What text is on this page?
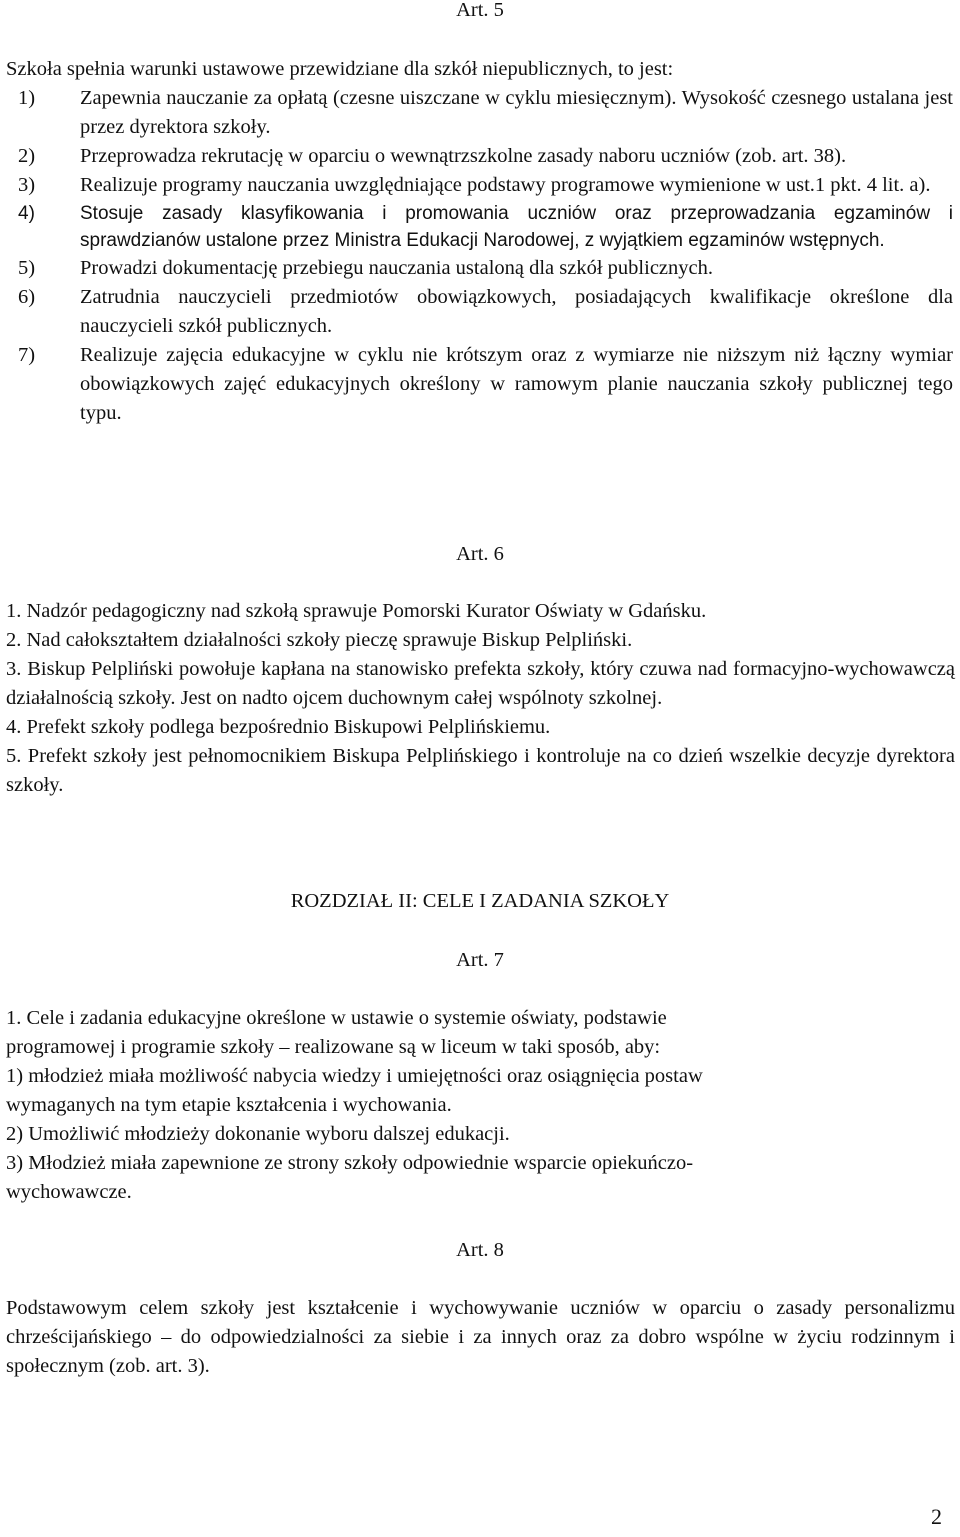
Art. 5

Szkoła spełnia warunki ustawowe przewidziane dla szkół niepublicznych, to jest:

1)	Zapewnia nauczanie za opłatą (czesne uiszczane w cyklu miesięcznym). Wysokość czesnego ustalana jest przez dyrektora szkoły.
2)	Przeprowadza rekrutację w oparciu o wewnątrzszkolne zasady naboru uczniów (zob. art. 38).
3)	Realizuje programy nauczania uwzględniające podstawy programowe wymienione w ust.1 pkt. 4 lit. a).
4)	Stosuje zasady klasyfikowania i promowania uczniów oraz przeprowadzania egzaminów i sprawdzianów ustalone przez Ministra Edukacji Narodowej, z wyjątkiem egzaminów wstępnych.
5)	Prowadzi dokumentację przebiegu nauczania ustaloną dla szkół publicznych.
6)	Zatrudnia nauczycieli przedmiotów obowiązkowych, posiadających kwalifikacje określone dla nauczycieli szkół publicznych.
7)	Realizuje zajęcia edukacyjne w cyklu nie krótszym oraz z wymiarze nie niższym niż łączny wymiar obowiązkowych zajęć edukacyjnych określony w ramowym planie nauczania szkoły publicznej tego typu.
Art. 6

1. Nadzór pedagogiczny nad szkołą sprawuje Pomorski Kurator Oświaty w Gdańsku.

2. Nad całokształtem działalności szkoły pieczę sprawuje Biskup Pelpliński.

3. Biskup Pelpliński powołuje kapłana na stanowisko prefekta szkoły, który czuwa nad formacyjno-wychowawczą działalnością szkoły. Jest on nadto ojcem duchownym całej wspólnoty szkolnej.

4. Prefekt szkoły podlega bezpośrednio Biskupowi Pelplińskiemu.

5. Prefekt szkoły jest pełnomocnikiem Biskupa Pelplińskiego i kontroluje na co dzień wszelkie decyzje dyrektora szkoły.

ROZDZIAŁ II: CELE I ZADANIA SZKOŁY
Art. 7
1. Cele i zadania edukacyjne określone w ustawie o systemie oświaty, podstawie
programowej i programie szkoły – realizowane są w liceum w taki sposób, aby:
1) młodzież miała możliwość nabycia wiedzy i umiejętności oraz osiągnięcia postaw
wymaganych na tym etapie kształcenia i wychowania.
2) Umożliwić młodzieży dokonanie wyboru dalszej edukacji.
3) Młodzież miała zapewnione ze strony szkoły odpowiednie wsparcie opiekuńczo-
wychowawcze.
Art. 8

Podstawowym celem szkoły jest kształcenie i wychowywanie uczniów w oparciu o zasady personalizmu chrześcijańskiego – do odpowiedzialności za siebie i za innych oraz za dobro wspólne w życiu rodzinnym i społecznym (zob. art. 3).

2
